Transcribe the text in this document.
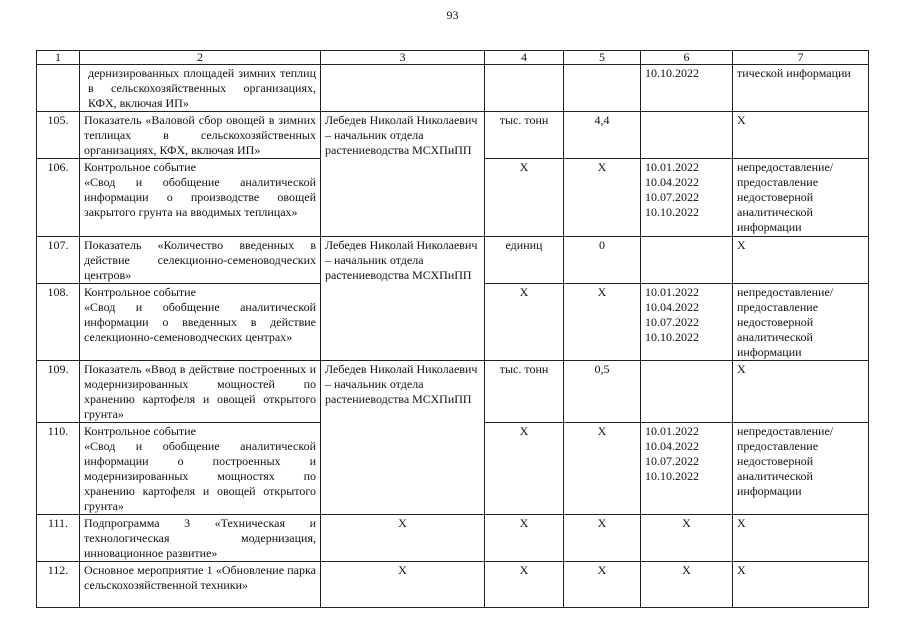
93
1	2	3	4	5	6	7
	дернизированных площадей зимних теплиц в сельскохозяйственных организациях, КФХ, включая ИП»				10.10.2022	тической информации
105.	Показатель «Валовой сбор овощей в зимних теплицах в сельскохозяйственных организациях, КФХ, включая ИП»	Лебедев Николай Николаевич – начальник отдела растениеводства МСХПиПП	тыс. тонн	4,4		Х
106.	Контрольное событие
«Свод и обобщение аналитической информации о производстве овощей закрытого грунта на вводимых теплицах»		Х	Х	10.01.2022
10.04.2022
10.07.2022
10.10.2022	непредоставление/ предоставление недостоверной аналитической информации
107.	Показатель «Количество введенных в действие селекционно-семеноводческих центров»	Лебедев Николай Николаевич – начальник отдела растениеводства МСХПиПП	единиц	0		Х
108.	Контрольное событие
«Свод и обобщение аналитической информации о введенных в действие селекционно-семеноводческих центрах»		Х	Х	10.01.2022
10.04.2022
10.07.2022
10.10.2022	непредоставление/ предоставление недостоверной аналитической информации
109.	Показатель «Ввод в действие построенных и модернизированных мощностей по хранению картофеля и овощей открытого грунта»	Лебедев Николай Николаевич – начальник отдела растениеводства МСХПиПП	тыс. тонн	0,5		Х
110.	Контрольное событие
«Свод и обобщение аналитической информации о построенных и модернизированных мощностях по хранению картофеля и овощей открытого грунта»		Х	Х	10.01.2022
10.04.2022
10.07.2022
10.10.2022	непредоставление/ предоставление недостоверной аналитической информации
111.	Подпрограмма 3 «Техническая и технологическая модернизация, инновационное развитие»	Х	Х	Х	Х	Х
112.	Основное мероприятие 1 «Обновление парка сельскохозяйственной техники»	Х	Х	Х	Х	Х
